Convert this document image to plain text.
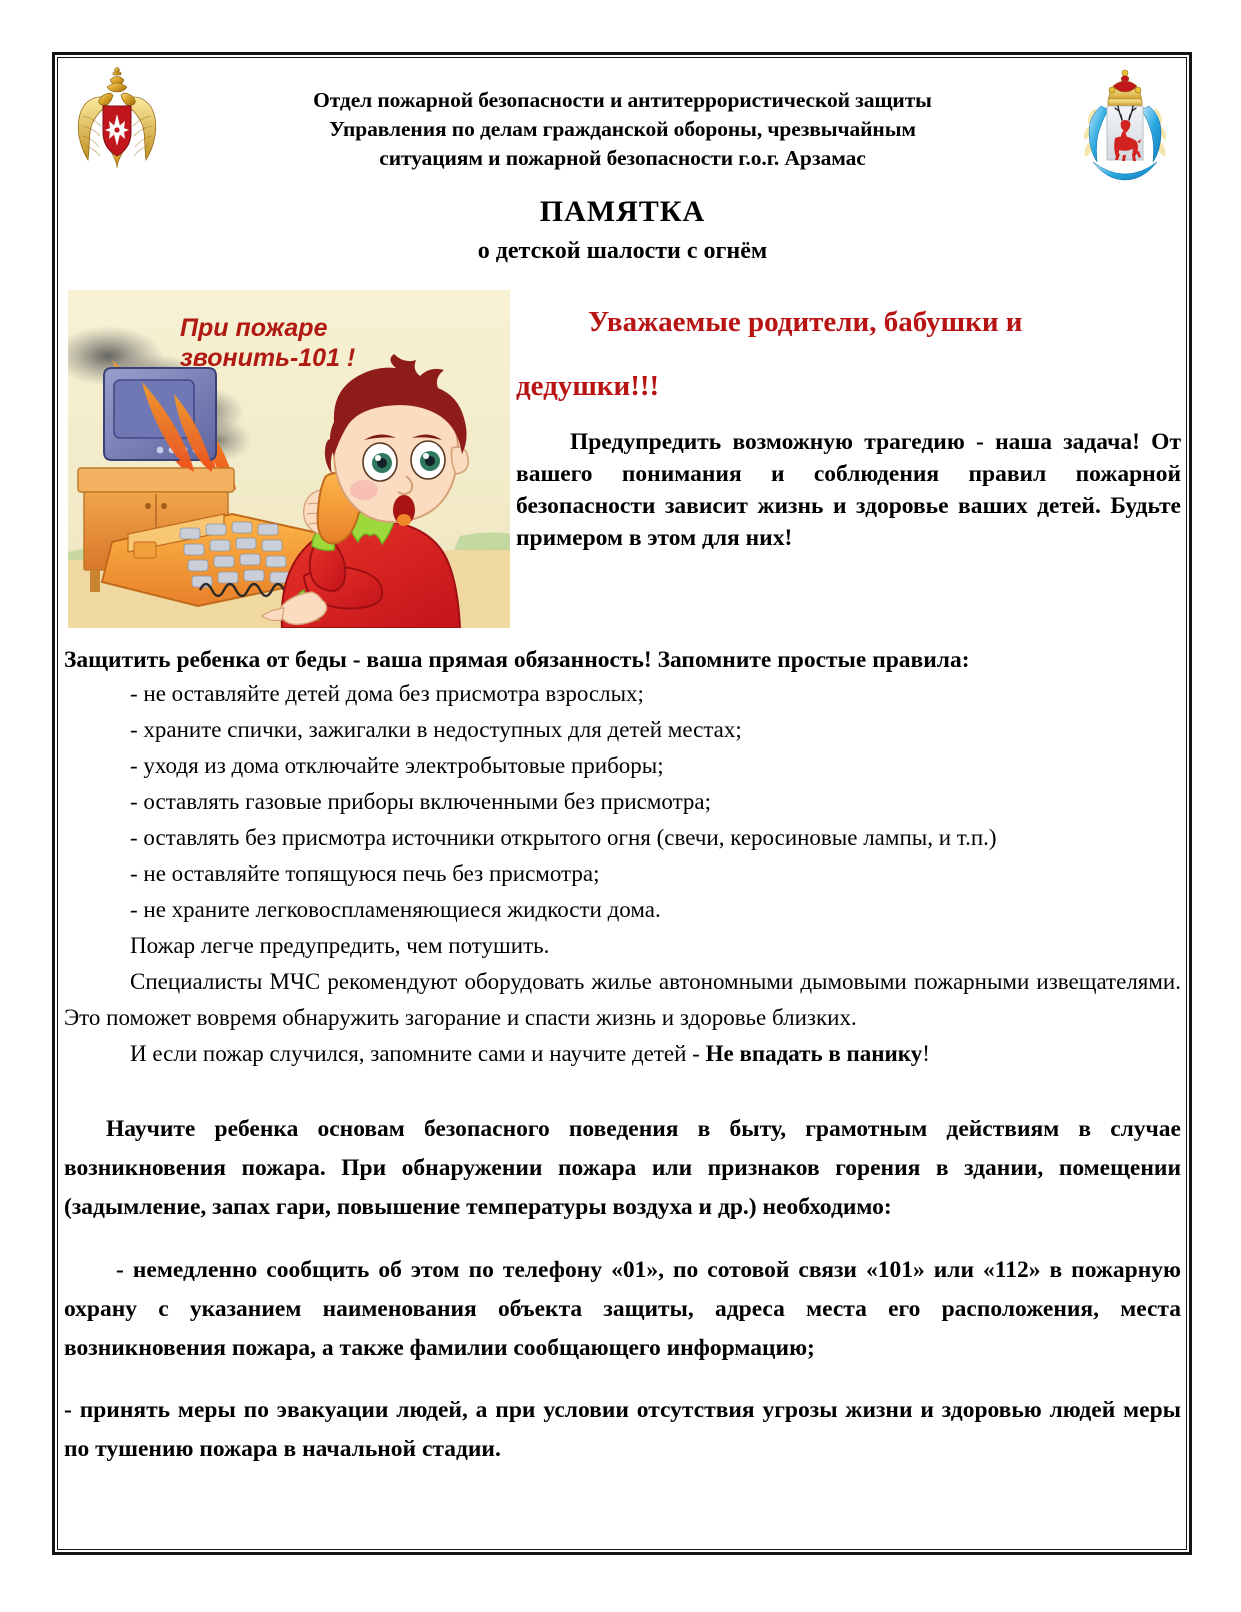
Отдел пожарной безопасности и антитеррористической защиты
Управления по делам гражданской обороны, чрезвычайным
ситуациям и пожарной безопасности г.о.г. Арзамас
ПАМЯТКА
о детской шалости с огнём
При пожаре
звонить-101 !
Уважаемые родители, бабушки и
дедушки!!!
Предупредить возможную трагедию - наша задача! От вашего понимания и соблюдения правил пожарной безопасности зависит жизнь и здоровье ваших детей. Будьте примером в этом для них!
Защитить ребенка от беды - ваша прямая обязанность! Запомните простые правила:
- не оставляйте детей дома без присмотра взрослых;
- храните спички, зажигалки в недоступных для детей местах;
- уходя из дома отключайте электробытовые приборы;
- оставлять газовые приборы включенными без присмотра;
- оставлять без присмотра источники открытого огня (свечи, керосиновые лампы, и т.п.)
- не оставляйте топящуюся печь без присмотра;
- не храните легковоспламеняющиеся жидкости дома.
Пожар легче предупредить, чем потушить.
Специалисты МЧС рекомендуют оборудовать жилье автономными дымовыми пожарными извещателями. Это поможет вовремя обнаружить загорание и спасти жизнь и здоровье близких.
И если пожар случился, запомните сами и научите детей - Не впадать в панику!

Научите ребенка основам безопасного поведения в быту, грамотным действиям в случае возникновения пожара. При обнаружении пожара или признаков горения в здании, помещении (задымление, запах гари, повышение температуры воздуха и др.) необходимо:

- немедленно сообщить об этом по телефону «01», по сотовой связи «101» или «112» в пожарную охрану с указанием наименования объекта защиты, адреса места его расположения, места возникновения пожара, а также фамилии сообщающего информацию;

- принять меры по эвакуации людей, а при условии отсутствия угрозы жизни и здоровью людей меры по тушению пожара в начальной стадии.
